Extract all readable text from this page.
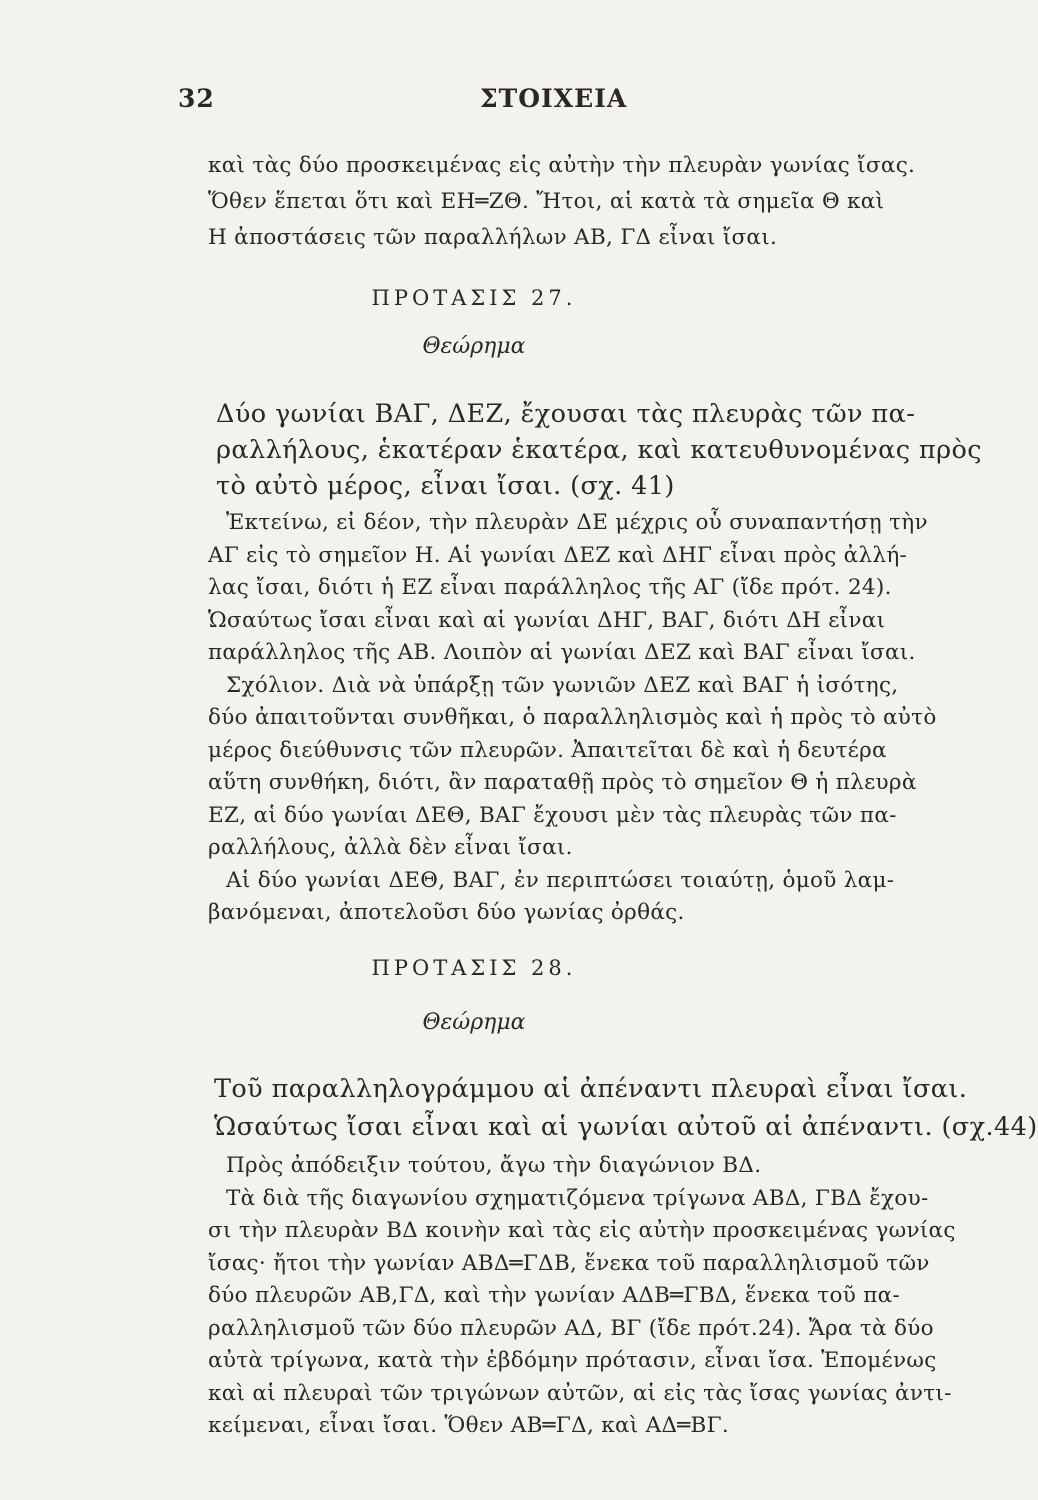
32	ΣΤΟΙΧΕΙΑ
καὶ τὰς δύο προσκειμένας εἰς αὐτὴν τὴν πλευρὰν γωνίας ἴσας.
Ὅθεν ἕπεται ὅτι καὶ ΕΗ═ΖΘ. Ἤτοι, αἱ κατὰ τὰ σημεῖα Θ καὶ
Η ἀποστάσεις τῶν παραλλήλων ΑΒ, ΓΔ εἶναι ἴσαι.
ΠΡΟΤΑΣΙΣ 27.
Θεώρημα
Δύο γωνίαι ΒΑΓ, ΔΕΖ, ἔχουσαι τὰς πλευρὰς τῶν πα-
ραλλήλους, ἑκατέραν ἑκατέρα, καὶ κατευθυνομένας πρὸς
τὸ αὐτὸ μέρος, εἶναι ἴσαι. (σχ. 41)
Ἐκτείνω, εἰ δέον, τὴν πλευρὰν ΔΕ μέχρις οὗ συναπαντήσῃ τὴν
ΑΓ εἰς τὸ σημεῖον Η. Αἱ γωνίαι ΔΕΖ καὶ ΔΗΓ εἶναι πρὸς ἀλλή-
λας ἴσαι, διότι ἡ ΕΖ εἶναι παράλληλος τῆς ΑΓ (ἴδε πρότ. 24).
Ὡσαύτως ἴσαι εἶναι καὶ αἱ γωνίαι ΔΗΓ, ΒΑΓ, διότι ΔΗ εἶναι
παράλληλος τῆς ΑΒ. Λοιπὸν αἱ γωνίαι ΔΕΖ καὶ ΒΑΓ εἶναι ἴσαι.
Σχόλιον. Διὰ νὰ ὑπάρξῃ τῶν γωνιῶν ΔΕΖ καὶ ΒΑΓ ἡ ἰσότης,
δύο ἀπαιτοῦνται συνθῆκαι, ὁ παραλληλισμὸς καὶ ἡ πρὸς τὸ αὐτὸ
μέρος διεύθυνσις τῶν πλευρῶν. Ἀπαιτεῖται δὲ καὶ ἡ δευτέρα
αὕτη συνθήκη, διότι, ἂν παραταθῇ πρὸς τὸ σημεῖον Θ ἡ πλευρὰ
ΕΖ, αἱ δύο γωνίαι ΔΕΘ, ΒΑΓ ἔχουσι μὲν τὰς πλευρὰς τῶν πα-
ραλλήλους, ἀλλὰ δὲν εἶναι ἴσαι.
Αἱ δύο γωνίαι ΔΕΘ, ΒΑΓ, ἐν περιπτώσει τοιαύτῃ, ὁμοῦ λαμ-
βανόμεναι, ἀποτελοῦσι δύο γωνίας ὀρθάς.
ΠΡΟΤΑΣΙΣ 28.
Θεώρημα
Τοῦ παραλληλογράμμου αἱ ἀπέναντι πλευραὶ εἶναι ἴσαι.
Ὡσαύτως ἴσαι εἶναι καὶ αἱ γωνίαι αὐτοῦ αἱ ἀπέναντι. (σχ.44)
Πρὸς ἀπόδειξιν τούτου, ἄγω τὴν διαγώνιον ΒΔ.
Τὰ διὰ τῆς διαγωνίου σχηματιζόμενα τρίγωνα ΑΒΔ, ΓΒΔ ἔχου-
σι τὴν πλευρὰν ΒΔ κοινὴν καὶ τὰς εἰς αὐτὴν προσκειμένας γωνίας
ἴσας· ἤτοι τὴν γωνίαν ΑΒΔ═ΓΔΒ, ἕνεκα τοῦ παραλληλισμοῦ τῶν
δύο πλευρῶν ΑΒ,ΓΔ, καὶ τὴν γωνίαν ΑΔΒ═ΓΒΔ, ἕνεκα τοῦ πα-
ραλληλισμοῦ τῶν δύο πλευρῶν ΑΔ, ΒΓ (ἴδε πρότ.24). Ἄρα τὰ δύο
αὐτὰ τρίγωνα, κατὰ τὴν ἑβδόμην πρότασιν, εἶναι ἴσα. Ἑπομένως
καὶ αἱ πλευραὶ τῶν τριγώνων αὐτῶν, αἱ εἰς τὰς ἴσας γωνίας ἀντι-
κείμεναι, εἶναι ἴσαι. Ὅθεν ΑΒ═ΓΔ, καὶ ΑΔ═ΒΓ.
